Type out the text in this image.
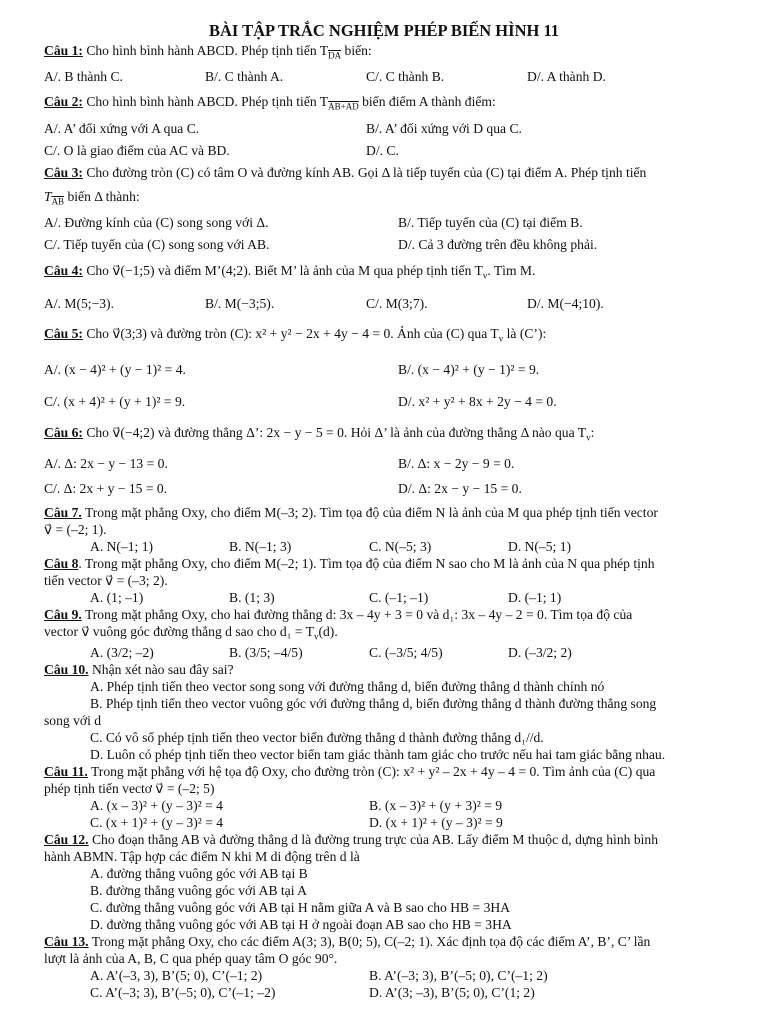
BÀI TẬP TRẮC NGHIỆM PHÉP BIẾN HÌNH 11
Câu 1: Cho hình bình hành ABCD. Phép tịnh tiến $T_{\overline{DA}}$ biến:
A/. B thành C.	B/. C thành A.	C/. C thành B.	D/. A thành D.
Câu 2: Cho hình bình hành ABCD. Phép tịnh tiến $T_{AB+AD}$ biến điểm A thành điểm:
A/. A’ đối xứng với A qua C.	B/. A’ đối xứng với D qua C.
C/. O là giao điểm của AC và BD.	D/. C.
Câu 3: Cho đường tròn (C) có tâm O và đường kính AB. Gọi Δ là tiếp tuyến của (C) tại điểm A. Phép tịnh tiến
$T_{\overline{AB}}$ biến Δ thành:
A/. Đường kính của (C) song song với Δ.	B/. Tiếp tuyến của (C) tại điểm B.
C/. Tiếp tuyến của (C) song song với AB.	D/. Cả 3 đường trên đều không phải.
Câu 4: Cho v⃗(−1;5) và điểm M’(4;2). Biết M’ là ảnh của M qua phép tịnh tiến $T_v$. Tìm M.
A/. M(5;−3).	B/. M(−3;5).	C/. M(3;7).	D/. M(−4;10).
Câu 5: Cho v⃗(3;3) và đường tròn (C): x² + y² − 2x + 4y − 4 = 0. Ảnh của (C) qua $T_v$ là (C’):
A/. (x − 4)² + (y − 1)² = 4.	B/. (x − 4)² + (y − 1)² = 9.
C/. (x + 4)² + (y + 1)² = 9.	D/. x² + y² + 8x + 2y − 4 = 0.
Câu 6: Cho v⃗(−4;2) và đường thẳng Δ’: 2x − y − 5 = 0. Hỏi Δ’ là ảnh của đường thẳng Δ nào qua $T_v$:
A/. Δ: 2x − y − 13 = 0.	B/. Δ: x − 2y − 9 = 0.
C/. Δ: 2x + y − 15 = 0.	D/. Δ: 2x − y − 15 = 0.
Câu 7. Trong mặt phẳng Oxy, cho điểm M(–3; 2). Tìm tọa độ của điểm N là ảnh của M qua phép tịnh tiến vector
v⃗ = (–2; 1).
A. N(–1; 1)	B. N(–1; 3)	C. N(–5; 3)	D. N(–5; 1)
Câu 8. Trong mặt phẳng Oxy, cho điểm M(–2; 1). Tìm tọa độ của điểm N sao cho M là ảnh của N qua phép tịnh
tiến vector v⃗ = (–3; 2).
A. (1; –1)	B. (1; 3)	C. (–1; –1)	D. (–1; 1)
Câu 9. Trong mặt phẳng Oxy, cho hai đường thẳng d: 3x – 4y + 3 = 0 và d₁: 3x – 4y – 2 = 0. Tìm tọa độ của
vector v⃗ vuông góc đường thẳng d sao cho $d_1 = T_v(d)$.
A. (3/2; –2)	B. (3/5; –4/5)	C. (–3/5; 4/5)	D. (–3/2; 2)
Câu 10. Nhận xét nào sau đây sai?
A. Phép tịnh tiến theo vector song song với đường thẳng d, biến đường thẳng d thành chính nó
B. Phép tịnh tiến theo vector vuông góc với đường thẳng d, biến đường thẳng d thành đường thẳng song
song với d
C. Có vô số phép tịnh tiến theo vector biến đường thẳng d thành đường thẳng d₁//d.
D. Luôn có phép tịnh tiến theo vector biến tam giác thành tam giác cho trước nếu hai tam giác bằng nhau.
Câu 11. Trong mặt phẳng với hệ tọa độ Oxy, cho đường tròn (C): x² + y² – 2x + 4y – 4 = 0. Tìm ảnh của (C) qua
phép tịnh tiến vectơ v⃗ = (–2; 5)
A. (x – 3)² + (y – 3)² = 4	B. (x – 3)² + (y + 3)² = 9
C. (x + 1)² + (y – 3)² = 4	D. (x + 1)² + (y – 3)² = 9
Câu 12. Cho đoạn thẳng AB và đường thẳng d là đường trung trực của AB. Lấy điểm M thuộc d, dựng hình bình
hành ABMN. Tập hợp các điểm N khi M di động trên d là
A. đường thẳng vuông góc với AB tại B
B. đường thẳng vuông góc với AB tại A
C. đường thẳng vuông góc với AB tại H nằm giữa A và B sao cho HB = 3HA
D. đường thẳng vuông góc với AB tại H ở ngoài đoạn AB sao cho HB = 3HA
Câu 13. Trong mặt phẳng Oxy, cho các điểm A(3; 3), B(0; 5), C(–2; 1). Xác định tọa độ các điểm A’, B’, C’ lần
lượt là ảnh của A, B, C qua phép quay tâm O góc 90°.
A. A’(–3, 3), B’(5; 0), C’(–1; 2)	B. A’(–3; 3), B’(–5; 0), C’(–1; 2)
C. A’(–3; 3), B’(–5; 0), C’(–1; –2)	D. A’(3; –3), B’(5; 0), C’(1; 2)
